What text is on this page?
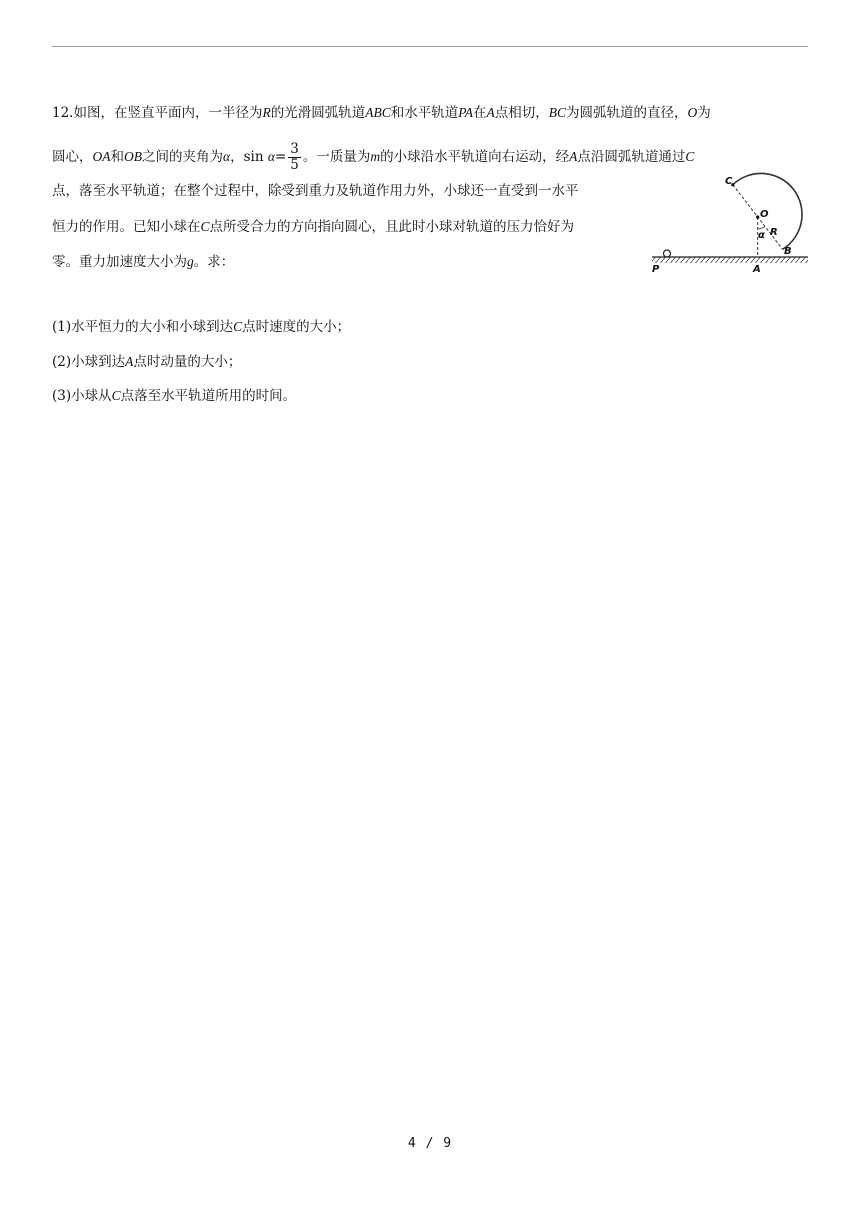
12.如图，在竖直平面内，一半径为R的光滑圆弧轨道ABC和水平轨道PA在A点相切，BC为圆弧轨道的直径，O为
圆心，OA和OB之间的夹角为α，$\sin \alpha= \frac{3}{5}$ 。一质量为m的小球沿水平轨道向右运动，经A点沿圆弧轨道通过C
点，落至水平轨道；在整个过程中，除受到重力及轨道作用力外，小球还一直受到一水平
恒力的作用。已知小球在C点所受合力的方向指向圆心，且此时小球对轨道的压力恰好为
零。重力加速度大小为g。求：
C
O
R
α
B
P	A
(1)水平恒力的大小和小球到达C点时速度的大小；
(2)小球到达A点时动量的大小；
(3)小球从C点落至水平轨道所用的时间。
4 / 9
